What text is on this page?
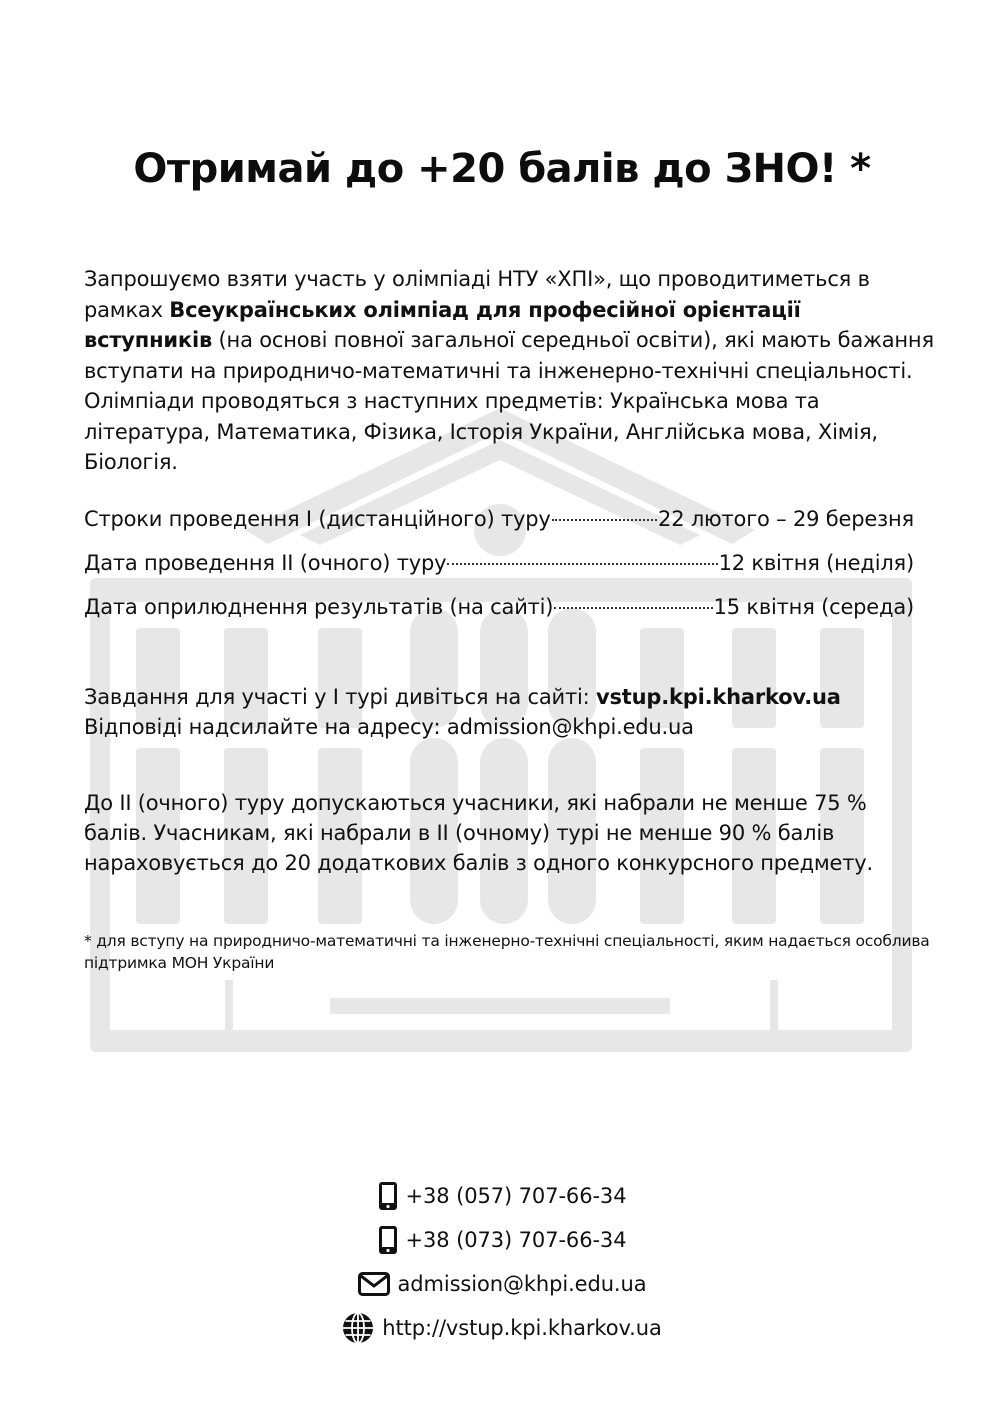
Отримай до +20 балів до ЗНО! *

Запрошуємо взяти участь у олімпіаді НТУ «ХПІ», що проводитиметься в рамках Всеукраїнських олімпіад для професійної орієнтації вступників (на основі повної загальної середньої освіти), які мають бажання вступати на природничо-математичні та інженерно-технічні спеціальності. Олімпіади проводяться з наступних предметів: Українська мова та література, Математика, Фізика, Історія України, Англійська мова, Хімія, Біологія.

Строки проведення І (дистанційного) туру	22 лютого – 29 березня
Дата проведення ІІ (очного) туру	12 квітня (неділя)
Дата оприлюднення результатів (на сайті)	15 квітня (середа)

Завдання для участі у І турі дивіться на сайті: vstup.kpi.kharkov.ua
Відповіді надсилайте на адресу: admission@khpi.edu.ua

До ІІ (очного) туру допускаються учасники, які набрали не менше 75 % балів. Учасникам, які набрали в ІІ (очному) турі не менше 90 % балів нараховується до 20 додаткових балів з одного конкурсного предмету.

* для вступу на природничо-математичні та інженерно-технічні спеціальності, яким надається особлива підтримка МОН України

+38 (057) 707-66-34
+38 (073) 707-66-34
admission@khpi.edu.ua
http://vstup.kpi.kharkov.ua
